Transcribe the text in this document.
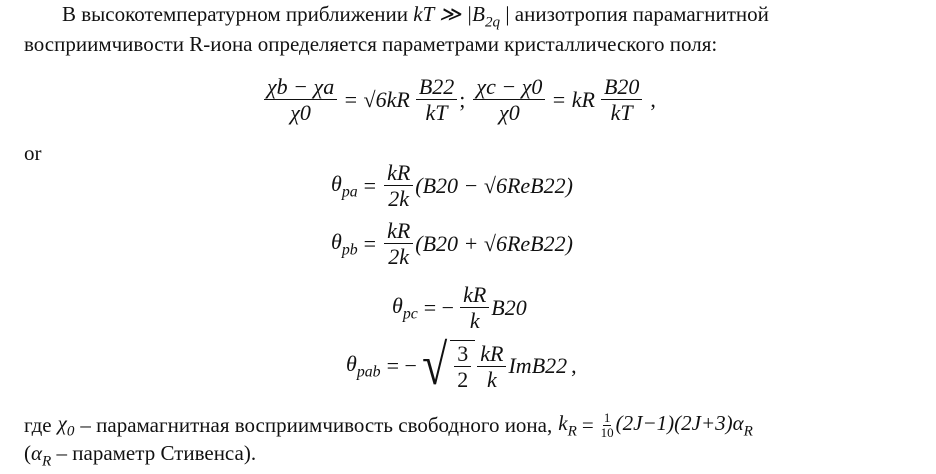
В высокотемпературном приближении kT ≫ $|B_{2q}$ | анизотропия парамагнитной
восприимчивости R-иона определяется параметрами кристаллического поля:
$\frac{\chi b - \chi a}{\chi 0} = √6kR \frac{B22}{kT}$ ; $\frac{\chi c - \chi 0}{\chi 0}$ = kR $\frac{B20}{kT}$ ,
or
$\theta_{pa} = \frac{kR}{2k} (B20 - √6ReB22)$
$\theta_{pb} = \frac{kR}{2k} (B20 + √6ReB22)$
$\theta_{pc}$ = − $\frac{kR}{k} B20$
$\theta_{pab}$ = − √ $\frac{3}{2} \frac{kR}{k} ImB22$ ,
где $\chi_0$ – парамагнитная восприимчивость свободного иона, $k_R = \frac{1}{10} (2J-1)(2J+3)\alpha_R$
($\alpha_R$ – параметр Стивенса).
